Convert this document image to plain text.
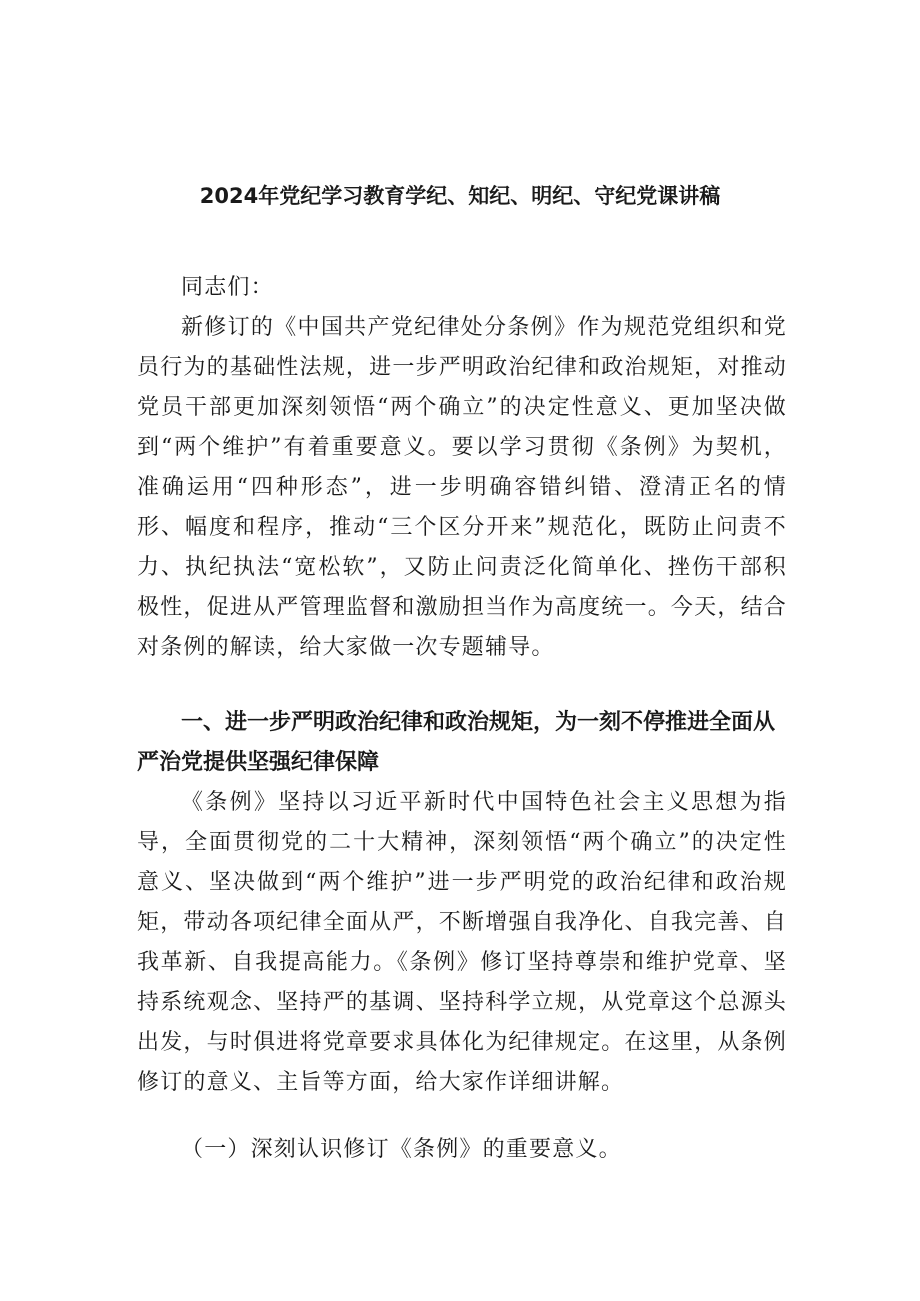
2024年党纪学习教育学纪、知纪、明纪、守纪党课讲稿

同志们：

新修订的《中国共产党纪律处分条例》作为规范党组织和党员行为的基础性法规，进一步严明政治纪律和政治规矩，对推动党员干部更加深刻领悟“两个确立”的决定性意义、更加坚决做到“两个维护”有着重要意义。要以学习贯彻《条例》为契机，准确运用“四种形态”，进一步明确容错纠错、澄清正名的情形、幅度和程序，推动“三个区分开来”规范化，既防止问责不力、执纪执法“宽松软”，又防止问责泛化简单化、挫伤干部积极性，促进从严管理监督和激励担当作为高度统一。今天，结合对条例的解读，给大家做一次专题辅导。

一、进一步严明政治纪律和政治规矩，为一刻不停推进全面从严治党提供坚强纪律保障

《条例》坚持以习近平新时代中国特色社会主义思想为指导，全面贯彻党的二十大精神，深刻领悟“两个确立”的决定性意义、坚决做到“两个维护”进一步严明党的政治纪律和政治规矩，带动各项纪律全面从严，不断增强自我净化、自我完善、自我革新、自我提高能力。《条例》修订坚持尊崇和维护党章、坚持系统观念、坚持严的基调、坚持科学立规，从党章这个总源头出发，与时俱进将党章要求具体化为纪律规定。在这里，从条例修订的意义、主旨等方面，给大家作详细讲解。

（一）深刻认识修订《条例》的重要意义。
